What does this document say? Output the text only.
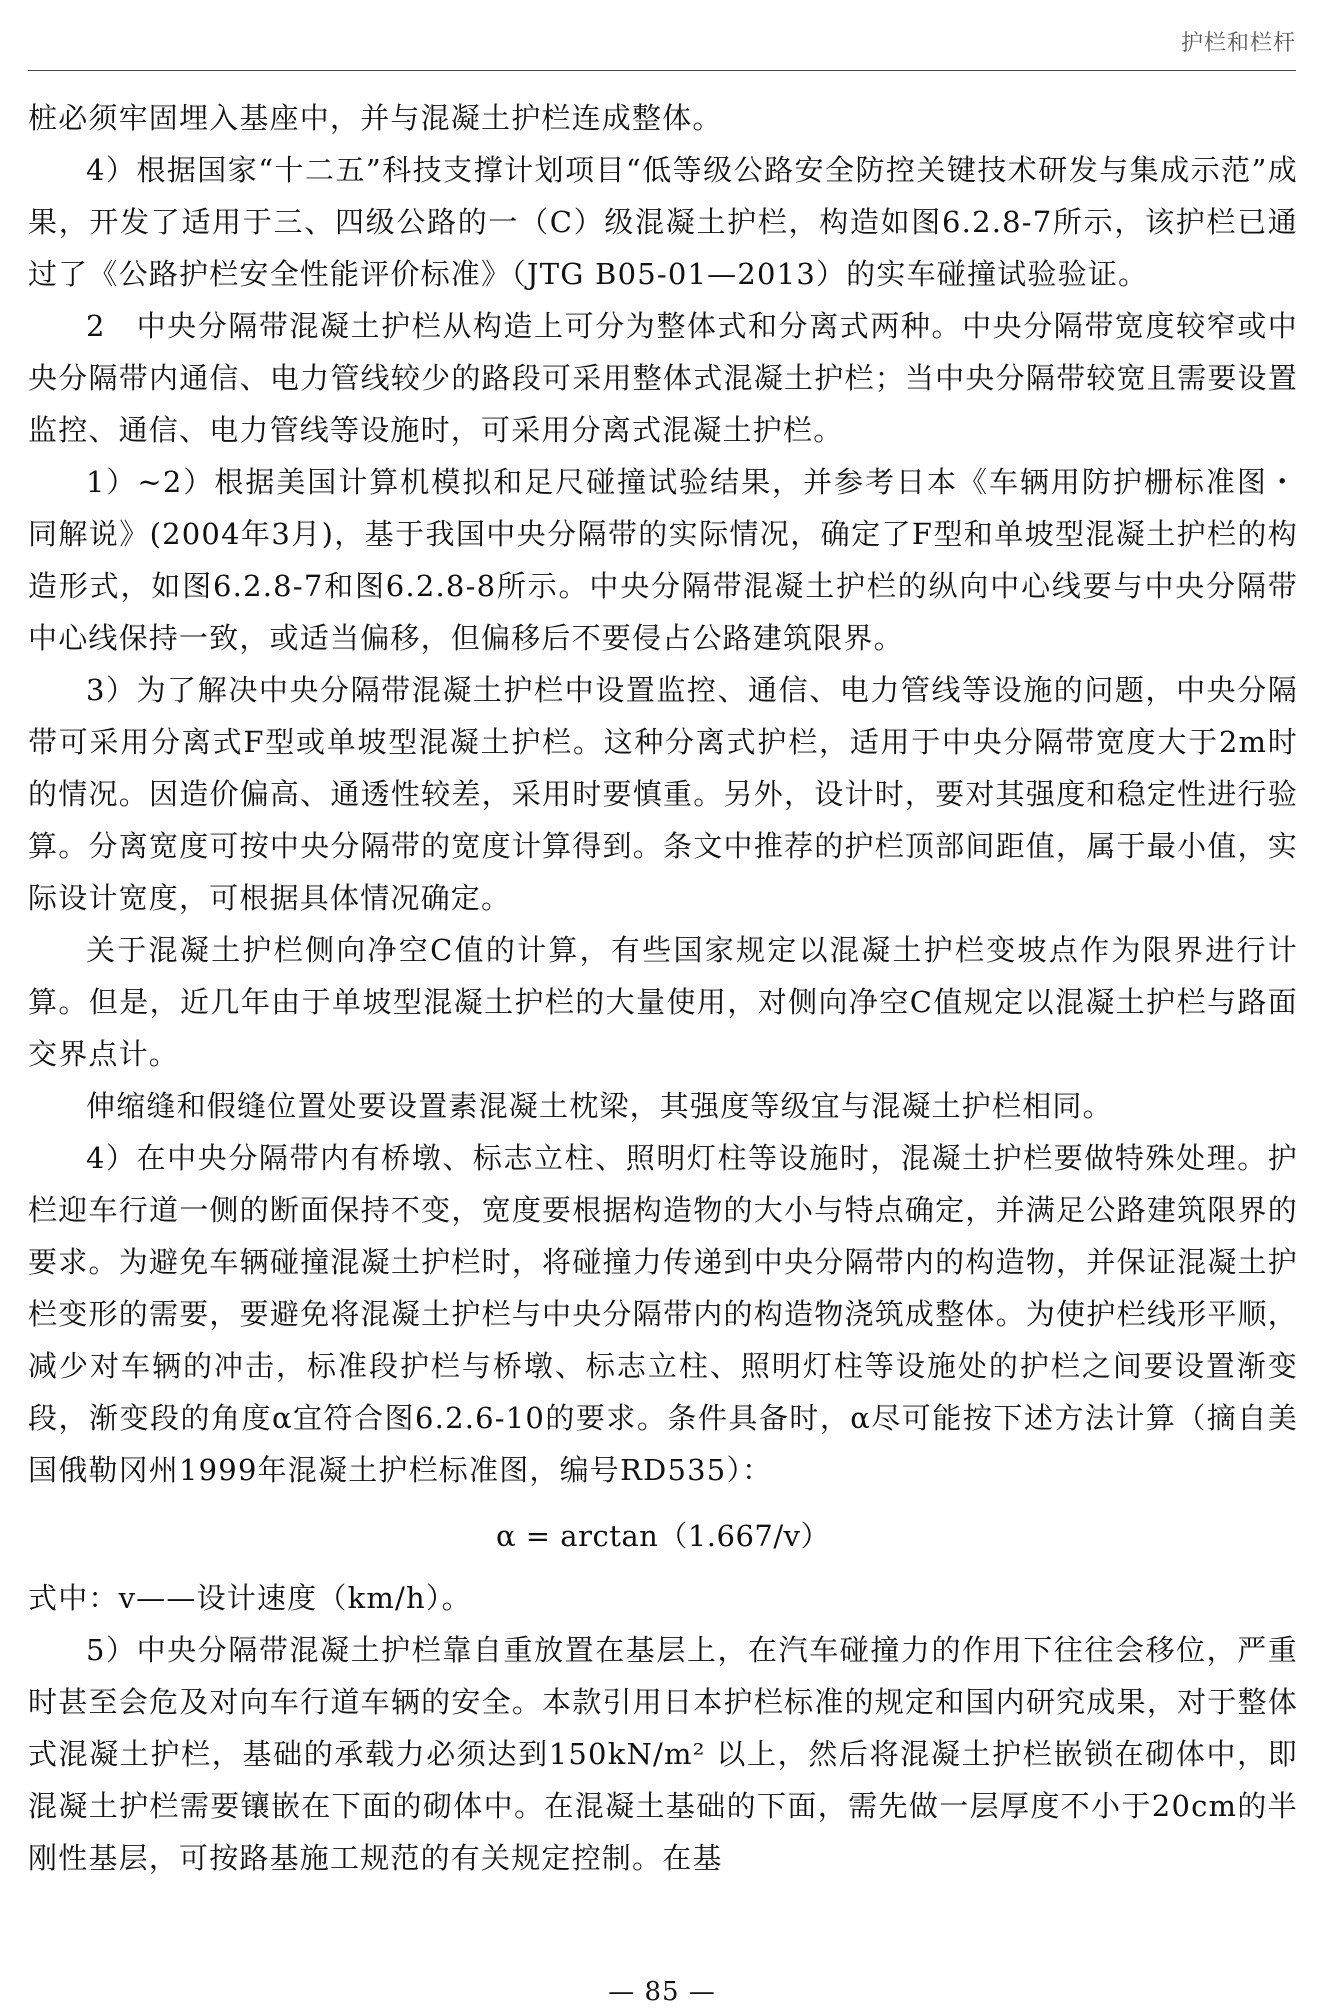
护栏和栏杆

桩必须牢固埋入基座中，并与混凝土护栏连成整体。

4）根据国家“十二五”科技支撑计划项目“低等级公路安全防控关键技术研发与集成示范”成果，开发了适用于三、四级公路的一（C）级混凝土护栏，构造如图6.2.8-7所示，该护栏已通过了《公路护栏安全性能评价标准》（JTG B05-01—2013）的实车碰撞试验验证。

2　中央分隔带混凝土护栏从构造上可分为整体式和分离式两种。中央分隔带宽度较窄或中央分隔带内通信、电力管线较少的路段可采用整体式混凝土护栏；当中央分隔带较宽且需要设置监控、通信、电力管线等设施时，可采用分离式混凝土护栏。

1）~2）根据美国计算机模拟和足尺碰撞试验结果，并参考日本《车辆用防护栅标准图・同解说》(2004年3月)，基于我国中央分隔带的实际情况，确定了F型和单坡型混凝土护栏的构造形式，如图6.2.8-7和图6.2.8-8所示。中央分隔带混凝土护栏的纵向中心线要与中央分隔带中心线保持一致，或适当偏移，但偏移后不要侵占公路建筑限界。

3）为了解决中央分隔带混凝土护栏中设置监控、通信、电力管线等设施的问题，中央分隔带可采用分离式F型或单坡型混凝土护栏。这种分离式护栏，适用于中央分隔带宽度大于2m时的情况。因造价偏高、通透性较差，采用时要慎重。另外，设计时，要对其强度和稳定性进行验算。分离宽度可按中央分隔带的宽度计算得到。条文中推荐的护栏顶部间距值，属于最小值，实际设计宽度，可根据具体情况确定。

关于混凝土护栏侧向净空C值的计算，有些国家规定以混凝土护栏变坡点作为限界进行计算。但是，近几年由于单坡型混凝土护栏的大量使用，对侧向净空C值规定以混凝土护栏与路面交界点计。

伸缩缝和假缝位置处要设置素混凝土枕梁，其强度等级宜与混凝土护栏相同。

4）在中央分隔带内有桥墩、标志立柱、照明灯柱等设施时，混凝土护栏要做特殊处理。护栏迎车行道一侧的断面保持不变，宽度要根据构造物的大小与特点确定，并满足公路建筑限界的要求。为避免车辆碰撞混凝土护栏时，将碰撞力传递到中央分隔带内的构造物，并保证混凝土护栏变形的需要，要避免将混凝土护栏与中央分隔带内的构造物浇筑成整体。为使护栏线形平顺，减少对车辆的冲击，标准段护栏与桥墩、标志立柱、照明灯柱等设施处的护栏之间要设置渐变段，渐变段的角度α宜符合图6.2.6-10的要求。条件具备时，α尽可能按下述方法计算（摘自美国俄勒冈州1999年混凝土护栏标准图，编号RD535）：

α = arctan（1.667/v）

式中：v——设计速度（km/h）。

5）中央分隔带混凝土护栏靠自重放置在基层上，在汽车碰撞力的作用下往往会移位，严重时甚至会危及对向车行道车辆的安全。本款引用日本护栏标准的规定和国内研究成果，对于整体式混凝土护栏，基础的承载力必须达到150kN/m² 以上，然后将混凝土护栏嵌锁在砌体中，即混凝土护栏需要镶嵌在下面的砌体中。在混凝土基础的下面，需先做一层厚度不小于20cm的半刚性基层，可按路基施工规范的有关规定控制。在基

— 85 —
